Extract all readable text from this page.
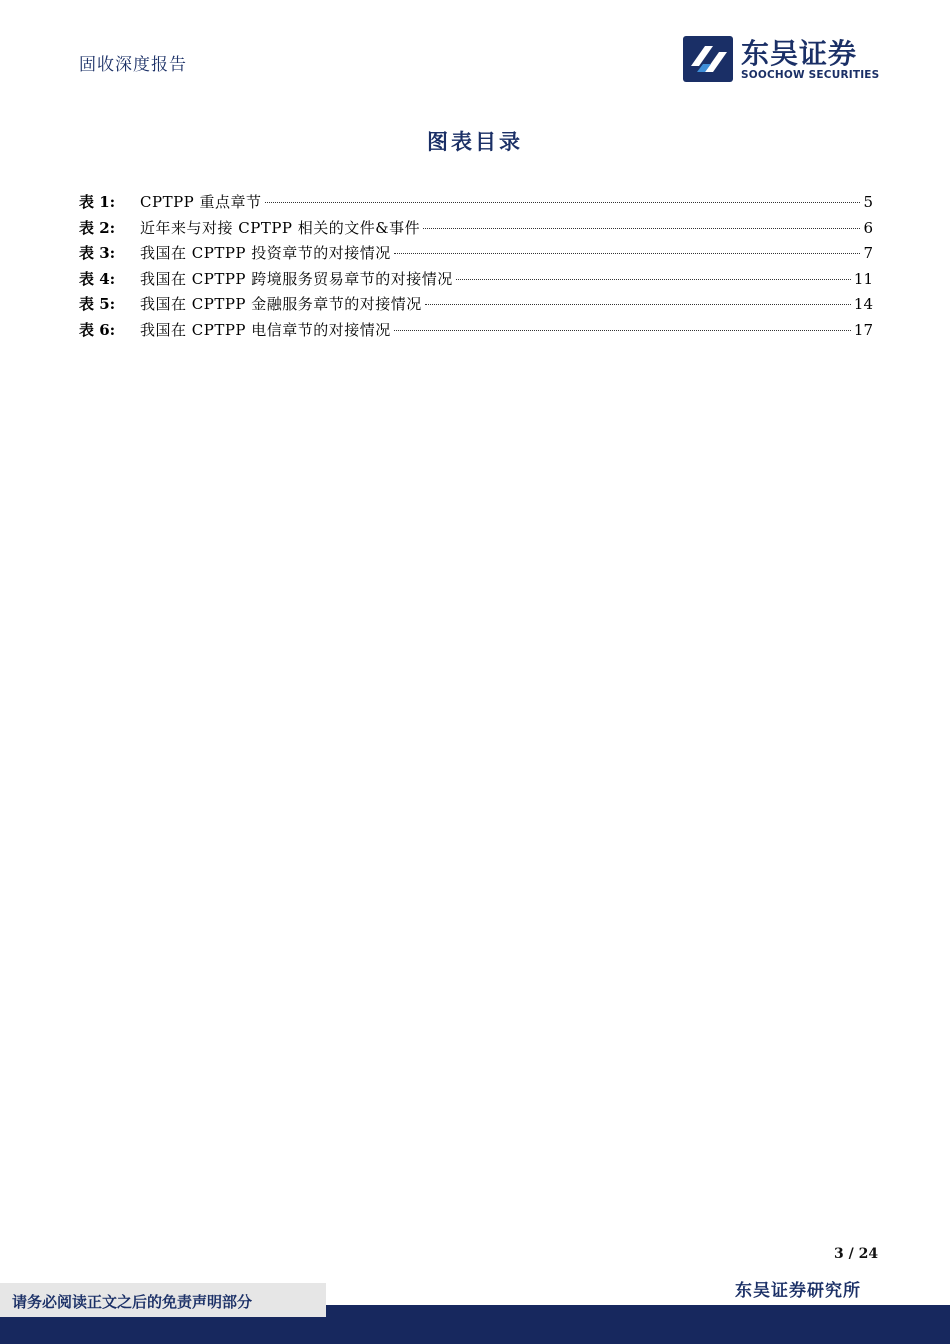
固收深度报告	东吴证券
SOOCHOW SECURITIES
图表目录
表 1:	CPTPP 重点章节	5
表 2:	近年来与对接 CPTPP 相关的文件&事件	6
表 3:	我国在 CPTPP 投资章节的对接情况	7
表 4:	我国在 CPTPP 跨境服务贸易章节的对接情况	11
表 5:	我国在 CPTPP 金融服务章节的对接情况	14
表 6:	我国在 CPTPP 电信章节的对接情况	17
3 / 24
请务必阅读正文之后的免责声明部分
东吴证券研究所
